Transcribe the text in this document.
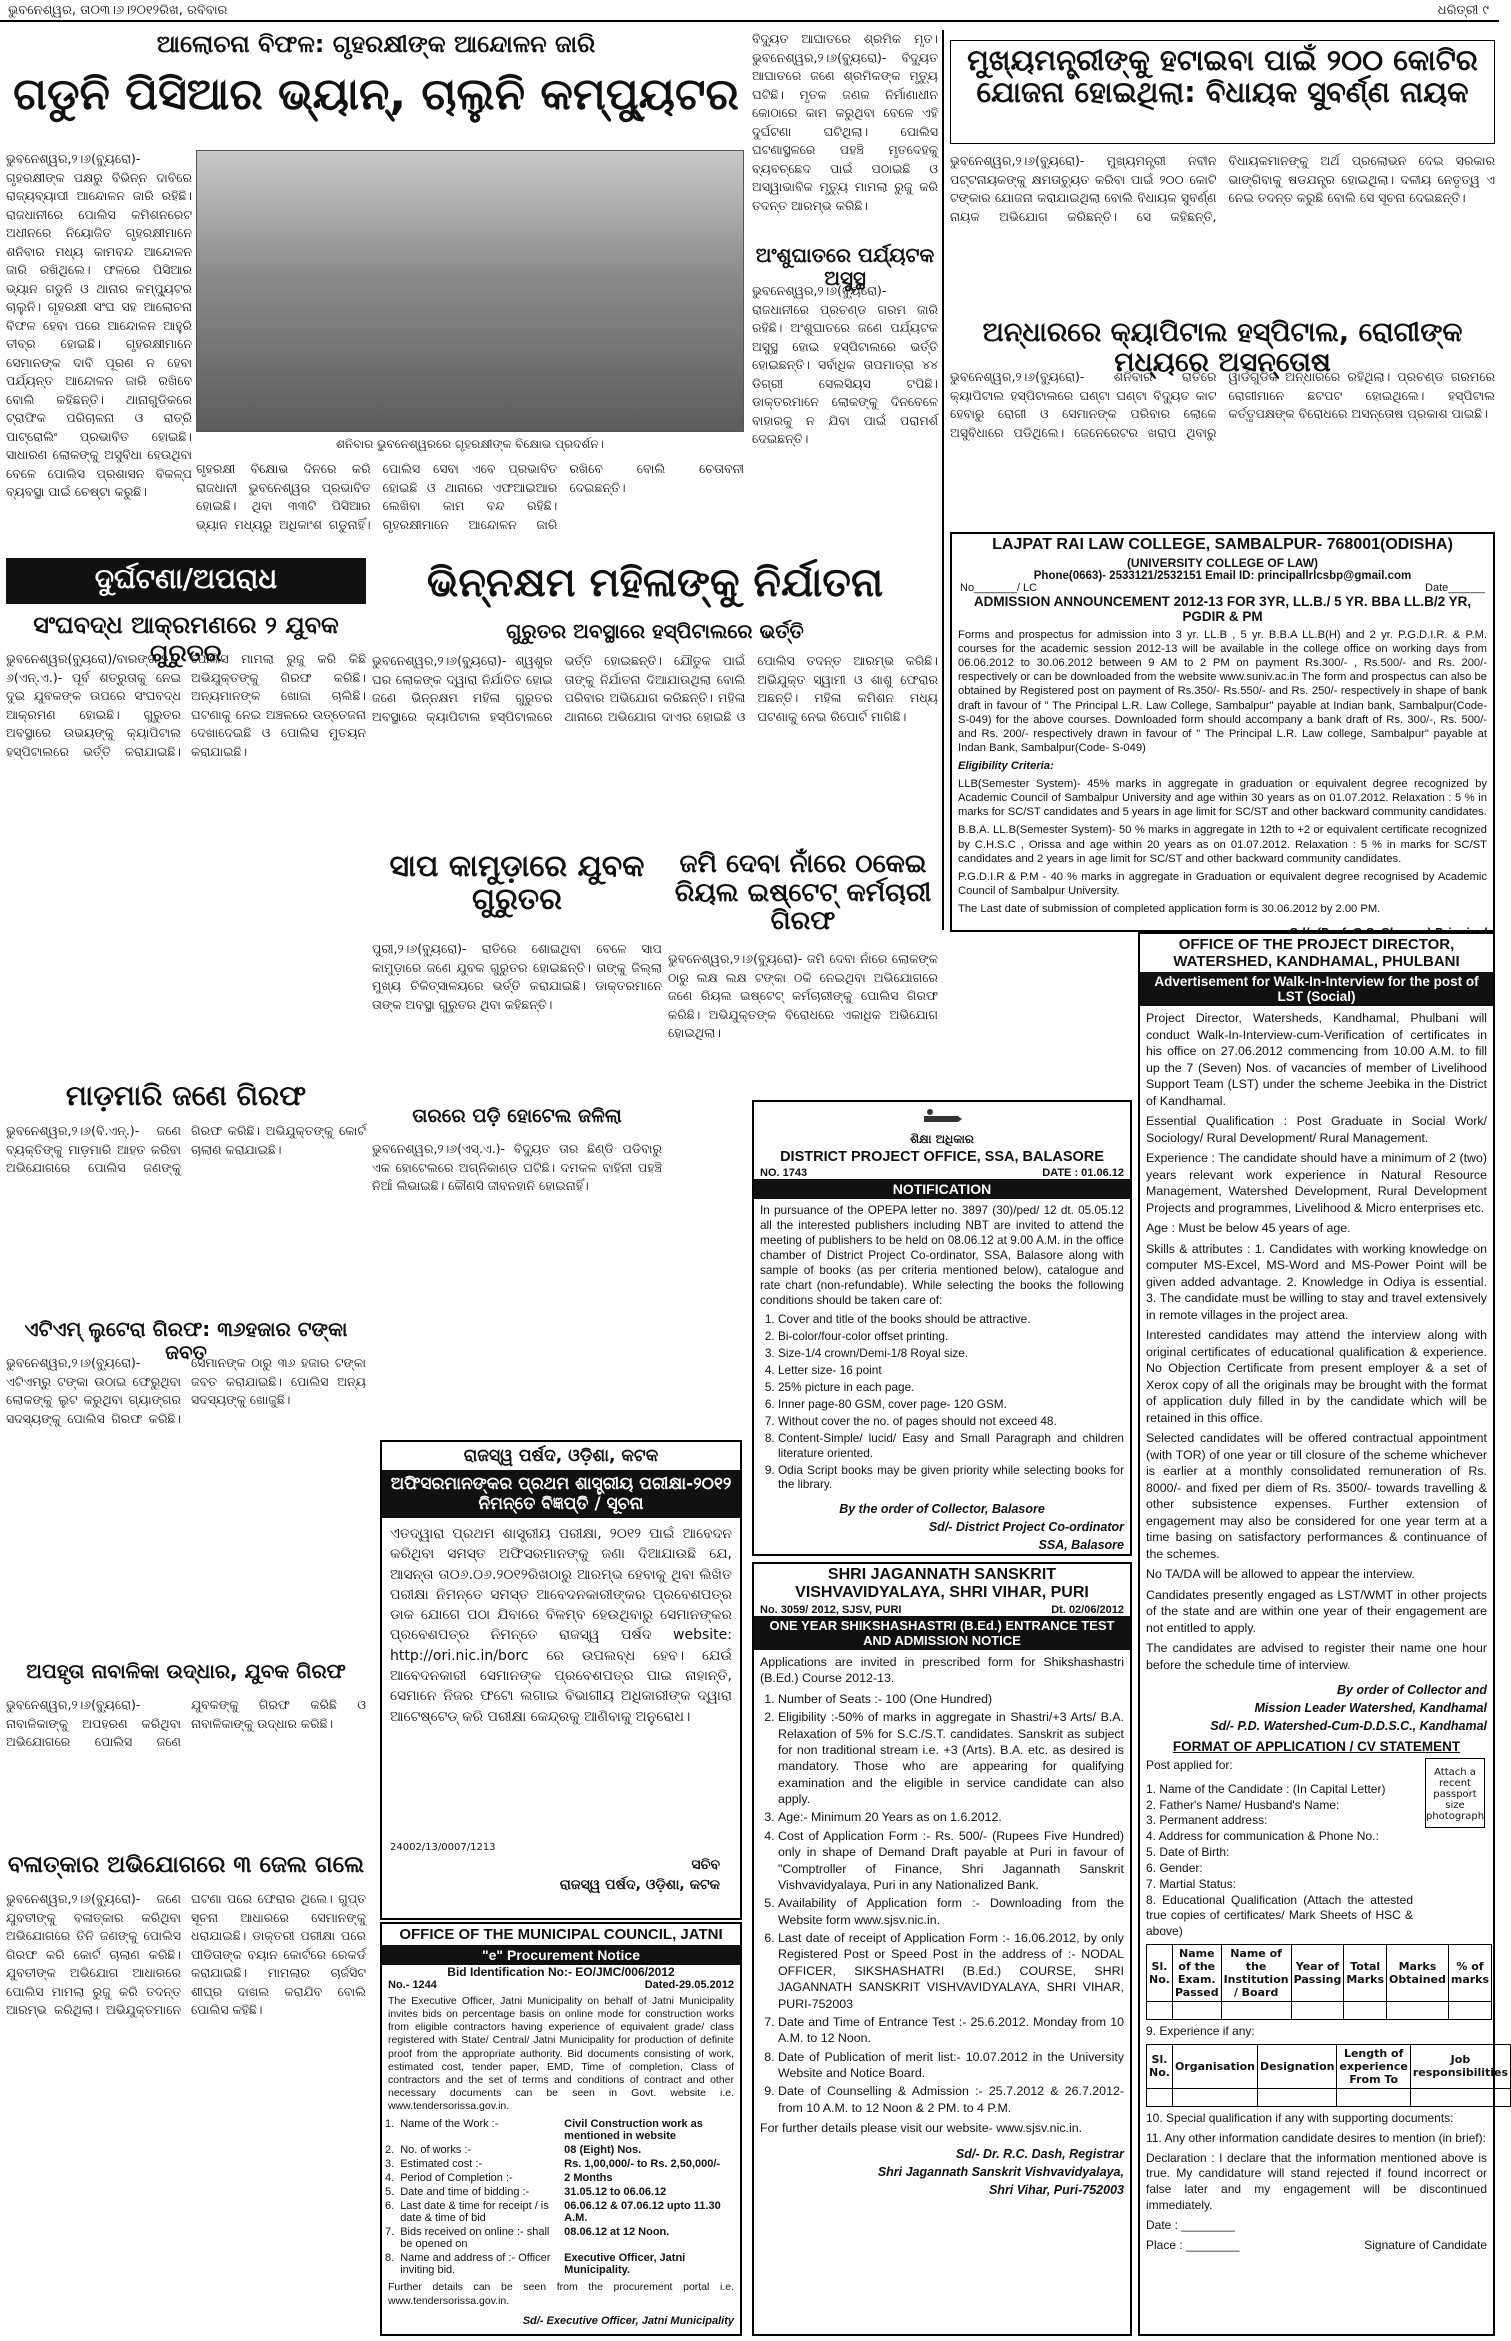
ଭୁବନେଶ୍ୱର, ତା୦୩।୬।୨୦୧୨ରିଖ, ରବିବାର	ଧରିତ୍ରୀ ୯
ଆଲୋଚନା ବିଫଳ: ଗୃହରକ୍ଷୀଙ୍କ ଆନ୍ଦୋଳନ ଜାରି
ଗଡୁନି ପିସିଆର ଭ୍ୟାନ୍, ଚାଲୁନି କମ୍ପ୍ୟୁଟର
ଭୁବନେଶ୍ୱର,୨।୬(ବ୍ୟୁରୋ)- ଗୃହରକ୍ଷୀଙ୍କ ପକ୍ଷରୁ ବିଭିନ୍ନ ଦାବିରେ ରାଜ୍ୟବ୍ୟାପୀ ଆନ୍ଦୋଳନ ଜାରି ରହିଛି। ରାଜଧାନୀରେ ପୋଲିସ କମିଶନରେଟ ଅଧୀନରେ ନିୟୋଜିତ ଗୃହରକ୍ଷୀମାନେ ଶନିବାର ମଧ୍ୟ କାମବନ୍ଦ ଆନ୍ଦୋଳନ ଜାରି ରଖିଥିଲେ। ଫଳରେ ପିସିଆର ଭ୍ୟାନ ଗଡୁନି ଓ ଥାନାର କମ୍ପ୍ୟୁଟର ଚାଲୁନି। ଗୃହରକ୍ଷୀ ସଂଘ ସହ ଆଲୋଚନା ବିଫଳ ହେବା ପରେ ଆନ୍ଦୋଳନ ଆହୁରି ତୀବ୍ର ହୋଇଛି। ଗୃହରକ୍ଷୀମାନେ ସେମାନଙ୍କ ଦାବି ପୂରଣ ନ ହେବା ପର୍ଯ୍ୟନ୍ତ ଆନ୍ଦୋଳନ ଜାରି ରଖିବେ ବୋଲି କହିଛନ୍ତି। ଥାନାଗୁଡିକରେ ଟ୍ରାଫିକ ପରିଚାଳନା ଓ ରାତ୍ରି ପାଟ୍ରୋଲିଂ ପ୍ରଭାବିତ ହୋଇଛି। ସାଧାରଣ ଲୋକଙ୍କୁ ଅସୁବିଧା ହେଉଥିବା ବେଳେ ପୋଲିସ ପ୍ରଶାସନ ବିକଳ୍ପ ବ୍ୟବସ୍ଥା ପାଇଁ ଚେଷ୍ଟା କରୁଛି।
ଶନିବାର ଭୁବନେଶ୍ୱରରେ ଗୃହରକ୍ଷୀଙ୍କ ବିକ୍ଷୋଭ ପ୍ରଦର୍ଶନ।
ଗୃହରକ୍ଷୀ ବିକ୍ଷୋଭ ଦିନରେ କରି ରାଜଧାନୀ ଭୁବନେଶ୍ୱର ପ୍ରଭାବିତ ହୋଇଛି। ଥିବା ୩୩ଟି ପିସିଆର ଭ୍ୟାନ ମଧ୍ୟରୁ ଅଧିକାଂଶ ଗଡୁନାହିଁ। ପୋଲିସ ସେବା ଏବେ ପ୍ରଭାବିତ ହୋଇଛି ଓ ଥାନାରେ ଏଫଆଇଆର ଲେଖିବା କାମ ବନ୍ଦ ରହିଛି। ଗୃହରକ୍ଷୀମାନେ ଆନ୍ଦୋଳନ ଜାରି ରଖିବେ ବୋଲି ଚେତାବନୀ ଦେଇଛନ୍ତି।
ବିଦ୍ୟୁତ ଆଘାତରେ ଶ୍ରମିକ ମୃତ। ଭୁବନେଶ୍ୱର,୨।୬(ବ୍ୟୁରୋ)- ବିଦ୍ୟୁତ ଆଘାତରେ ଜଣେ ଶ୍ରମିକଙ୍କ ମୃତ୍ୟୁ ଘଟିଛି। ମୃତକ ଜଣକ ନିର୍ମାଣାଧୀନ କୋଠାରେ କାମ କରୁଥିବା ବେଳେ ଏହି ଦୁର୍ଘଟଣା ଘଟିଥିଲା। ପୋଲିସ ଘଟଣାସ୍ଥଳରେ ପହଞ୍ଚି ମୃତଦେହକୁ ବ୍ୟବଚ୍ଛେଦ ପାଇଁ ପଠାଇଛି ଓ ଅସ୍ୱାଭାବିକ ମୃତ୍ୟୁ ମାମଲା ରୁଜୁ କରି ତଦନ୍ତ ଆରମ୍ଭ କରିଛି।
ଅଂଶୁଘାତରେ ପର୍ଯ୍ୟଟକ ଅସୁସ୍ଥ
ଭୁବନେଶ୍ୱର,୨।୬(ବ୍ୟୁରୋ)- ରାଜଧାନୀରେ ପ୍ରଚଣ୍ଡ ଗରମ ଜାରି ରହିଛି। ଅଂଶୁଘାତରେ ଜଣେ ପର୍ଯ୍ୟଟକ ଅସୁସ୍ଥ ହୋଇ ହସ୍ପିଟାଲରେ ଭର୍ତ୍ତି ହୋଇଛନ୍ତି। ସର୍ବାଧିକ ତାପମାତ୍ରା ୪୪ ଡିଗ୍ରୀ ସେଲସିୟସ ଟପିଛି। ଡାକ୍ତରମାନେ ଲୋକଙ୍କୁ ଦିନବେଳେ ବାହାରକୁ ନ ଯିବା ପାଇଁ ପରାମର୍ଶ ଦେଇଛନ୍ତି।
ମୁଖ୍ୟମନ୍ତ୍ରୀଙ୍କୁ ହଟାଇବା ପାଇଁ ୨୦୦ କୋଟିର ଯୋଜନା ହୋଇଥିଲା: ବିଧାୟକ ସୁବର୍ଣ୍ଣ ନାୟକ
ଭୁବନେଶ୍ୱର,୨।୬(ବ୍ୟୁରୋ)- ମୁଖ୍ୟମନ୍ତ୍ରୀ ନବୀନ ପଟ୍ଟନାୟକଙ୍କୁ କ୍ଷମତାଚ୍ୟୁତ କରିବା ପାଇଁ ୨୦୦ କୋଟି ଟଙ୍କାର ଯୋଜନା କରାଯାଇଥିଲା ବୋଲି ବିଧାୟକ ସୁବର୍ଣ୍ଣ ନାୟକ ଅଭିଯୋଗ କରିଛନ୍ତି। ସେ କହିଛନ୍ତି, ବିଧାୟକମାନଙ୍କୁ ଅର୍ଥ ପ୍ରଲୋଭନ ଦେଇ ସରକାର ଭାଙ୍ଗିବାକୁ ଷଡଯନ୍ତ୍ର ହୋଇଥିଲା। ଦଳୀୟ ନେତୃତ୍ୱ ଏ ନେଇ ତଦନ୍ତ କରୁଛି ବୋଲି ସେ ସୂଚନା ଦେଇଛନ୍ତି।
ଅନ୍ଧାରରେ କ୍ୟାପିଟାଲ ହସ୍ପିଟାଲ, ରୋଗୀଙ୍କ ମଧ୍ୟରେ ଅସନ୍ତୋଷ
ଭୁବନେଶ୍ୱର,୨।୬(ବ୍ୟୁରୋ)- ଶନିବାର ରାତିରେ କ୍ୟାପିଟାଲ ହସ୍ପିଟାଲରେ ଘଣ୍ଟା ଘଣ୍ଟା ବିଦ୍ୟୁତ କାଟ ହେବାରୁ ରୋଗୀ ଓ ସେମାନଙ୍କ ପରିବାର ଲୋକେ ଅସୁବିଧାରେ ପଡିଥିଲେ। ଜେନେରେଟର ଖରାପ ଥିବାରୁ ୱାର୍ଡଗୁଡିକ ଅନ୍ଧାରରେ ରହିଥିଲା। ପ୍ରଚଣ୍ଡ ଗରମରେ ରୋଗୀମାନେ ଛଟପଟ ହୋଇଥିଲେ। ହସ୍ପିଟାଲ କର୍ତ୍ତୃପକ୍ଷଙ୍କ ବିରୋଧରେ ଅସନ୍ତୋଷ ପ୍ରକାଶ ପାଇଛି।
ଦୁର୍ଘଟଣା/ଅପରାଧ
ସଂଘବଦ୍ଧ ଆକ୍ରମଣରେ ୨ ଯୁବକ ଗୁରୁତର
ଭୁବନେଶ୍ୱର(ବ୍ୟୁରୋ)/ବାରଙ୍ଗ,୨।୬(ଏନ୍.ଏ.)- ପୂର୍ବ ଶତ୍ରୁତାକୁ ନେଇ ଦୁଇ ଯୁବକଙ୍କ ଉପରେ ସଂଘବଦ୍ଧ ଆକ୍ରମଣ ହୋଇଛି। ଗୁରୁତର ଅବସ୍ଥାରେ ଉଭୟଙ୍କୁ କ୍ୟାପିଟାଲ ହସ୍ପିଟାଲରେ ଭର୍ତ୍ତି କରାଯାଇଛି। ପୋଲିସ ମାମଲା ରୁଜୁ କରି କିଛି ଅଭିଯୁକ୍ତଙ୍କୁ ଗିରଫ କରିଛି। ଅନ୍ୟମାନଙ୍କ ଖୋଜା ଚାଲିଛି। ଘଟଣାକୁ ନେଇ ଅଞ୍ଚଳରେ ଉତ୍ତେଜନା ଦେଖାଦେଇଛି ଓ ପୋଲିସ ମୁତୟନ କରାଯାଇଛି।
ମାଡ଼ମାରି ଜଣେ ଗିରଫ
ଭୁବନେଶ୍ୱର,୨।୬(ବି.ଏନ୍.)- ଜଣେ ବ୍ୟକ୍ତିଙ୍କୁ ମାଡ଼ମାରି ଆହତ କରିବା ଅଭିଯୋଗରେ ପୋଲିସ ଜଣଙ୍କୁ ଗିରଫ କରିଛି। ଅଭିଯୁକ୍ତଙ୍କୁ କୋର୍ଟ ଚାଲାଣ କରାଯାଇଛି।
ଏଟିଏମ୍ ଲୁଟେରା ଗିରଫ: ୩୬ହଜାର ଟଙ୍କା ଜବତ
ଭୁବନେଶ୍ୱର,୨।୬(ବ୍ୟୁରୋ)- ଏଟିଏମ୍ରୁ ଟଙ୍କା ଉଠାଇ ଫେରୁଥିବା ଲୋକଙ୍କୁ ଲୁଟ କରୁଥିବା ଗ୍ୟାଙ୍ଗର ସଦସ୍ୟଙ୍କୁ ପୋଲିସ ଗିରଫ କରିଛି। ସେମାନଙ୍କ ଠାରୁ ୩୬ ହଜାର ଟଙ୍କା ଜବତ କରାଯାଇଛି। ପୋଲିସ ଅନ୍ୟ ସଦସ୍ୟଙ୍କୁ ଖୋଜୁଛି।
ଅପହୃତା ନାବାଳିକା ଉଦ୍ଧାର, ଯୁବକ ଗିରଫ
ଭୁବନେଶ୍ୱର,୨।୬(ବ୍ୟୁରୋ)- ନାବାଳିକାଙ୍କୁ ଅପହରଣ କରିଥିବା ଅଭିଯୋଗରେ ପୋଲିସ ଜଣେ ଯୁବକଙ୍କୁ ଗିରଫ କରିଛି ଓ ନାବାଳିକାଙ୍କୁ ଉଦ୍ଧାର କରିଛି।
ବଳାତ୍କାର ଅଭିଯୋଗରେ ୩ ଜେଲ ଗଲେ
ଭୁବନେଶ୍ୱର,୨।୬(ବ୍ୟୁରୋ)- ଜଣେ ଯୁବତୀଙ୍କୁ ବଳାତ୍କାର କରିଥିବା ଅଭିଯୋଗରେ ତିନି ଜଣଙ୍କୁ ପୋଲିସ ଗିରଫ କରି କୋର୍ଟ ଚାଲାଣ କରିଛି। ଯୁବତୀଙ୍କ ଅଭିଯୋଗ ଆଧାରରେ ପୋଲିସ ମାମଲା ରୁଜୁ କରି ତଦନ୍ତ ଆରମ୍ଭ କରିଥିଲା। ଅଭିଯୁକ୍ତମାନେ ଘଟଣା ପରେ ଫେରାର ଥିଲେ। ଗୁପ୍ତ ସୂଚନା ଆଧାରରେ ସେମାନଙ୍କୁ ଧରାଯାଇଛି। ଡାକ୍ତରୀ ପରୀକ୍ଷା ପରେ ପୀଡିତାଙ୍କ ବୟାନ କୋର୍ଟରେ ରେକର୍ଡ କରାଯାଇଛି। ମାମଲାର ଚାର୍ଜସିଟ ଶୀଘ୍ର ଦାଖଲ କରାଯିବ ବୋଲି ପୋଲିସ କହିଛି।
ଭିନ୍ନକ୍ଷମ ମହିଳାଙ୍କୁ ନିର୍ଯାତନା
ଗୁରୁତର ଅବସ୍ଥାରେ ହସ୍ପିଟାଲରେ ଭର୍ତ୍ତି
ଭୁବନେଶ୍ୱର,୨।୬(ବ୍ୟୁରୋ)- ଶ୍ୱଶୁର ଘର ଲୋକଙ୍କ ଦ୍ୱାରା ନିର୍ଯାତିତ ହୋଇ ଜଣେ ଭିନ୍ନକ୍ଷମ ମହିଳା ଗୁରୁତର ଅବସ୍ଥାରେ କ୍ୟାପିଟାଲ ହସ୍ପିଟାଲରେ ଭର୍ତ୍ତି ହୋଇଛନ୍ତି। ଯୌତୁକ ପାଇଁ ତାଙ୍କୁ ନିର୍ଯାତନା ଦିଆଯାଉଥିଲା ବୋଲି ପରିବାର ଅଭିଯୋଗ କରିଛନ୍ତି। ମହିଳା ଥାନାରେ ଅଭିଯୋଗ ଦାଏର ହୋଇଛି ଓ ପୋଲିସ ତଦନ୍ତ ଆରମ୍ଭ କରିଛି। ଅଭିଯୁକ୍ତ ସ୍ୱାମୀ ଓ ଶାଶୁ ଫେରାର ଅଛନ୍ତି। ମହିଳା କମିଶନ ମଧ୍ୟ ଘଟଣାକୁ ନେଇ ରିପୋର୍ଟ ମାଗିଛି।
ସାପ କାମୁଡ଼ାରେ ଯୁବକ ଗୁରୁତର
ପୁରୀ,୨।୬(ବ୍ୟୁରୋ)- ରାତିରେ ଶୋଇଥିବା ବେଳେ ସାପ କାମୁଡ଼ାରେ ଜଣେ ଯୁବକ ଗୁରୁତର ହୋଇଛନ୍ତି। ତାଙ୍କୁ ଜିଲ୍ଲା ମୁଖ୍ୟ ଚିକିତ୍ସାଳୟରେ ଭର୍ତ୍ତି କରାଯାଇଛି। ଡାକ୍ତରମାନେ ତାଙ୍କ ଅବସ୍ଥା ଗୁରୁତର ଥିବା କହିଛନ୍ତି।
ତାରରେ ପଡ଼ି ହୋଟେଲ ଜଳିଲା
ଭୁବନେଶ୍ୱର,୨।୬(ଏସ୍.ଏ.)- ବିଦ୍ୟୁତ ତାର ଛିଣ୍ଡି ପଡିବାରୁ ଏକ ହୋଟେଲରେ ଅଗ୍ନିକାଣ୍ଡ ଘଟିଛି। ଦମକଳ ବାହିନୀ ପହଞ୍ଚି ନିଆଁ ଲିଭାଇଛି। କୌଣସି ଜୀବନହାନି ହୋଇନାହିଁ।
ଜମି ଦେବା ନାଁରେ ଠକେଇ ରିୟଲ ଇଷ୍ଟେଟ୍ କର୍ମଚାରୀ ଗିରଫ
ଭୁବନେଶ୍ୱର,୨।୬(ବ୍ୟୁରୋ)- ଜମି ଦେବା ନାଁରେ ଲୋକଙ୍କ ଠାରୁ ଲକ୍ଷ ଲକ୍ଷ ଟଙ୍କା ଠକି ନେଇଥିବା ଅଭିଯୋଗରେ ଜଣେ ରିୟଲ ଇଷ୍ଟେଟ୍ କର୍ମଚାରୀଙ୍କୁ ପୋଲିସ ଗିରଫ କରିଛି। ଅଭିଯୁକ୍ତଙ୍କ ବିରୋଧରେ ଏକାଧିକ ଅଭିଯୋଗ ହୋଇଥିଲା।
ରାଜସ୍ୱ ପର୍ଷଦ, ଓଡ଼ିଶା, କଟକ
ଅଫିସରମାନଙ୍କର ପ୍ରଥମ ଶାସ୍ତ୍ରୀୟ ପରୀକ୍ଷା-୨୦୧୨ ନିମନ୍ତେ ବିଜ୍ଞପ୍ତି / ସୂଚନା
ଏତଦ୍ୱାରା ପ୍ରଥମ ଶାସ୍ତ୍ରୀୟ ପରୀକ୍ଷା, ୨୦୧୨ ପାଇଁ ଆବେଦନ କରିଥିବା ସମସ୍ତ ଅଫିସରମାନଙ୍କୁ ଜଣା ଦିଆଯାଉଛି ଯେ, ଆସନ୍ତା ତା୦୬.୦୬.୨୦୧୨ରିଖଠାରୁ ଆରମ୍ଭ ହେବାକୁ ଥିବା ଲିଖିତ ପରୀକ୍ଷା ନିମନ୍ତେ ସମସ୍ତ ଆବେଦନକାରୀଙ୍କର ପ୍ରବେଶପତ୍ର ଡାକ ଯୋଗେ ପଠା ଯିବାରେ ବିଳମ୍ବ ହେଉଥିବାରୁ ସେମାନଙ୍କର ପ୍ରବେଶପତ୍ର ନିମନ୍ତେ ରାଜସ୍ୱ ପର୍ଷଦ website: http://ori.nic.in/borc ରେ ଉପଲବ୍ଧ ହେବ। ଯେଉଁ ଆବେଦନକାରୀ ସେମାନଙ୍କ ପ୍ରବେଶପତ୍ର ପାଇ ନାହାନ୍ତି, ସେମାନେ ନିଜର ଫଟୋ ଲଗାଇ ବିଭାଗୀୟ ଅଧିକାରୀଙ୍କ ଦ୍ୱାରା ଆଟେଷ୍ଟେଡ୍ କରି ପରୀକ୍ଷା କେନ୍ଦ୍ରକୁ ଆଣିବାକୁ ଅନୁରୋଧ।
24002/13/0007/1213
ସଚିବ
ରାଜସ୍ୱ ପର୍ଷଦ, ଓଡ଼ିଶା, କଟକ
OFFICE OF THE MUNICIPAL COUNCIL, JATNI
"e" Procurement Notice
Bid Identification No:- EO/JMC/006/2012
No.- 1244	Dated-29.05.2012
The Executive Officer, Jatni Municipality on behalf of Jatni Municipality invites bids on percentage basis on online mode for construction works from eligible contractors having experience of equivalent grade/ class registered with State/ Central/ Jatni Municipality for production of definite proof from the appropriate authority. Bid documents consisting of work, estimated cost, tender paper, EMD, Time of completion, Class of contractors and the set of terms and conditions of contract and other necessary documents can be seen in Govt. website i.e. www.tendersorissa.gov.in.
1.	Name of the Work :-	Civil Construction work as mentioned in website
2.	No. of works :-	08 (Eight) Nos.
3.	Estimated cost :-	Rs. 1,00,000/- to Rs. 2,50,000/-
4.	Period of Completion :-	2 Months
5.	Date and time of bidding :-	31.05.12 to 06.06.12
6.	Last date & time for receipt / is date & time of bid	06.06.12 & 07.06.12 upto 11.30 A.M.
7.	Bids received on online :- shall be opened on	08.06.12 at 12 Noon.
8.	Name and address of :- Officer inviting bid.	Executive Officer, Jatni Municipality.
Further details can be seen from the procurement portal i.e. www.tendersorissa.gov.in.
Sd/- Executive Officer, Jatni Municipality
LAJPAT RAI LAW COLLEGE, SAMBALPUR- 768001(ODISHA)
(UNIVERSITY COLLEGE OF LAW)
Phone(0663)- 2533121/2532151 Email ID: principallrlcsbp@gmail.com
No_______/ LC	Date______
ADMISSION ANNOUNCEMENT 2012-13 FOR 3YR, LL.B./ 5 YR. BBA LL.B/2 YR, PGDIR & PM

Forms and prospectus for admission into 3 yr. LL.B , 5 yr. B.B.A LL.B(H) and 2 yr. P.G.D.I.R. & P.M. courses for the academic session 2012-13 will be available in the college office on working days from 06.06.2012 to 30.06.2012 between 9 AM to 2 PM on payment Rs.300/- , Rs.500/- and Rs. 200/- respectively or can be downloaded from the website www.suniv.ac.in The form and prospectus can also be obtained by Registered post on payment of Rs.350/- Rs.550/- and Rs. 250/- respectively in shape of bank draft in favour of " The Principal L.R. Law College, Sambalpur" payable at Indian bank, Sambalpur(Code- S-049) for the above courses. Downloaded form should accompany a bank draft of Rs. 300/-, Rs. 500/- and Rs. 200/- respectively drawn in favour of " The Principal L.R. Law college, Sambalpur" payable at Indan Bank, Sambalpur(Code- S-049)

Eligibility Criteria:

LLB(Semester System)- 45% marks in aggregate in graduation or equivalent degree recognized by Academic Council of Sambalpur University and age within 30 years as on 01.07.2012. Relaxation : 5 % in marks for SC/ST candidates and 5 years in age limit for SC/ST and other backward community candidates.

B.B.A. LL.B(Semester System)- 50 % marks in aggregate in 12th to +2 or equivalent certificate recognized by C.H.S.C , Orissa and age within 20 years as on 01.07.2012. Relaxation : 5 % in marks for SC/ST candidates and 2 years in age limit for SC/ST and other backward community candidates.

P.G.D.I.R & P.M - 40 % marks in aggregate in Graduation or equivalent degree recognised by Academic Council of Sambalpur University.

The Last date of submission of completed application form is 30.06.2012 by 2.00 PM.

ଶିକ୍ଷା ଅଧିକାର
DISTRICT PROJECT OFFICE, SSA, BALASORE
NO. 1743	DATE : 01.06.12
NOTIFICATION

In pursuance of the OPEPA letter no. 3897 (30)/ped/ 12 dt. 05.05.12 all the interested publishers including NBT are invited to attend the meeting of publishers to be held on 08.06.12 at 9.00 A.M. in the office chamber of District Project Co-ordinator, SSA, Balasore along with sample of books (as per criteria mentioned below), catalogue and rate chart (non-refundable). While selecting the books the following conditions should be taken care of:

1. Cover and title of the books should be attractive.
2. Bi-color/four-color offset printing.
3. Size-1/4 crown/Demi-1/8 Royal size.
4. Letter size- 16 point
5. 25% picture in each page.
6. Inner page-80 GSM, cover page- 120 GSM.
7. Without cover the no. of pages should not exceed 48.
8. Content-Simple/ lucid/ Easy and Small Paragraph and children literature oriented.
9. Odia Script books may be given priority while selecting books for the library.
By the order of Collector, Balasore
Sd/- District Project Co-ordinator
SSA, Balasore
SHRI JAGANNATH SANSKRIT VISHVAVIDYALAYA, SHRI VIHAR, PURI
No. 3059/ 2012, SJSV, PURI	Dt. 02/06/2012
ONE YEAR SHIKSHASHASTRI (B.Ed.) ENTRANCE TEST AND ADMISSION NOTICE

Applications are invited in prescribed form for Shikshashastri (B.Ed.) Course 2012-13.

1. Number of Seats :- 100 (One Hundred)
2. Eligibility :-50% of marks in aggregate in Shastri/+3 Arts/ B.A. Relaxation of 5% for S.C./S.T. candidates. Sanskrit as subject for non traditional stream i.e. +3 (Arts). B.A. etc. as desired is mandatory. Those who are appearing for qualifying examination and the eligible in service candidate can also apply.
3. Age:- Minimum 20 Years as on 1.6.2012.
4. Cost of Application Form :- Rs. 500/- (Rupees Five Hundred) only in shape of Demand Draft payable at Puri in favour of "Comptroller of Finance, Shri Jagannath Sanskrit Vishvavidyalaya, Puri in any Nationalized Bank.
5. Availability of Application form :- Downloading from the Website form www.sjsv.nic.in.
6. Last date of receipt of Application Form :- 16.06.2012, by only Registered Post or Speed Post in the address of :- NODAL OFFICER, SIKSHASHATRI (B.Ed.) COURSE, SHRI JAGANNATH SANSKRIT VISHVAVIDYALAYA, SHRI VIHAR, PURI-752003
7. Date and Time of Entrance Test :- 25.6.2012. Monday from 10 A.M. to 12 Noon.
8. Date of Publication of merit list:- 10.07.2012 in the University Website and Notice Board.
9. Date of Counselling & Admission :- 25.7.2012 & 26.7.2012- from 10 A.M. to 12 Noon & 2 PM. to 4 P.M.

For further details please visit our website- www.sjsv.nic.in.

Sd/- Dr. R.C. Dash, Registrar
Shri Jagannath Sanskrit Vishvavidyalaya,
Shri Vihar, Puri-752003
OFFICE OF THE PROJECT DIRECTOR, WATERSHED, KANDHAMAL, PHULBANI
Advertisement for Walk-In-Interview for the post of LST (Social)

Project Director, Watersheds, Kandhamal, Phulbani will conduct Walk-In-Interview-cum-Verification of certificates in his office on 27.06.2012 commencing from 10.00 A.M. to fill up the 7 (Seven) Nos. of vacancies of member of Livelihood Support Team (LST) under the scheme Jeebika in the District of Kandhamal.

Essential Qualification : Post Graduate in Social Work/ Sociology/ Rural Development/ Rural Management.

Experience : The candidate should have a minimum of 2 (two) years relevant work experience in Natural Resource Management, Watershed Development, Rural Development Projects and programmes, Livelihood & Micro enterprises etc.

Age : Must be below 45 years of age.

Skills & attributes : 1. Candidates with working knowledge on computer MS-Excel, MS-Word and MS-Power Point will be given added advantage. 2. Knowledge in Odiya is essential. 3. The candidate must be willing to stay and travel extensively in remote villages in the project area.

Interested candidates may attend the interview along with original certificates of educational qualification & experience. No Objection Certificate from present employer & a set of Xerox copy of all the originals may be brought with the format of application duly filled in by the candidate which will be retained in this office.

Selected candidates will be offered contractual appointment (with TOR) of one year or till closure of the scheme whichever is earlier at a monthly consolidated remuneration of Rs. 8000/- and fixed per diem of Rs. 3500/- towards travelling & other subsistence expenses. Further extension of engagement may also be considered for one year term at a time basing on satisfactory performances & continuance of the schemes.

No TA/DA will be allowed to appear the interview.

Candidates presently engaged as LST/WMT in other projects of the state and are within one year of their engagement are not entitled to apply.

The candidates are advised to register their name one hour before the schedule time of interview.

By order of Collector and
Mission Leader Watershed, Kandhamal
Sd/- P.D. Watershed-Cum-D.D.S.C., Kandhamal
FORMAT OF APPLICATION / CV STATEMENT
Post applied for:
Attach a recent passport size photograph
1. Name of the Candidate : (In Capital Letter)
2. Father's Name/ Husband's Name:
3. Permanent address:
4. Address for communication & Phone No.:
5. Date of Birth:
6. Gender:
7. Martial Status:
8. Educational Qualification (Attach the attested true copies of certificates/ Mark Sheets of HSC & above)
Sl. No.	Name of the Exam. Passed	Name of the Institution / Board	Year of Passing	Total Marks	Marks Obtained	% of marks

9. Experience if any:
Sl. No.	Organisation	Designation	Length of experience From To	Job responsibilities

10. Special qualification if any with supporting documents:

11. Any other information candidate desires to mention (in brief):

Declaration : I declare that the information mentioned above is true. My candidature will stand rejected if found incorrect or false later and my engagement will be discontinued immediately.

Date : ________

Place : ________	Signature of Candidate
